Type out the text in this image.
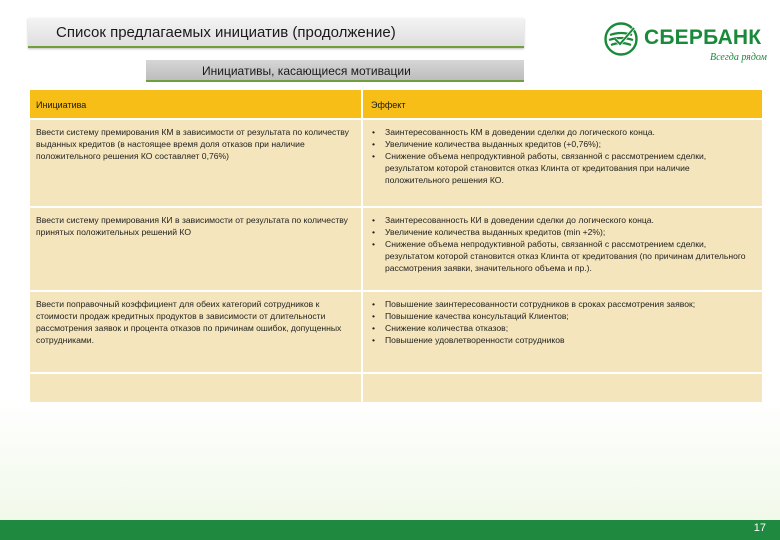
Список предлагаемых инициатив (продолжение)
Инициативы, касающиеся мотивации
СБЕРБАНК
Всегда рядом
Инициатива	Эффект
Ввести систему премирования КМ в зависимости от результата по количеству выданных кредитов (в настоящее время доля отказов при наличие положительного решения КО составляет 0,76%)
• Заинтересованность КМ в доведении сделки до логического конца.
• Увеличение количества выданных кредитов (+0,76%);
• Снижение объема непродуктивной работы, связанной с рассмотрением сделки, результатом которой становится отказ Клинта от кредитования при наличие положительного решения КО.
Ввести систему премирования КИ в зависимости от результата по количеству принятых положительных решений КО
• Заинтересованность КИ в доведении сделки до логического конца.
• Увеличение количества выданных кредитов (min +2%);
• Снижение объема непродуктивной работы, связанной с рассмотрением сделки, результатом которой становится отказ Клинта от кредитования (по причинам длительного рассмотрения заявки, значительного объема и пр.).
Ввести поправочный коэффициент для обеих категорий сотрудников к стоимости продаж кредитных продуктов в зависимости от длительности рассмотрения заявок и процента отказов по причинам ошибок, допущенных сотрудниками.
• Повышение заинтересованности сотрудников в сроках рассмотрения заявок;
• Повышение качества консультаций Клиентов;
• Снижение количества отказов;
• Повышение удовлетворенности сотрудников
17
